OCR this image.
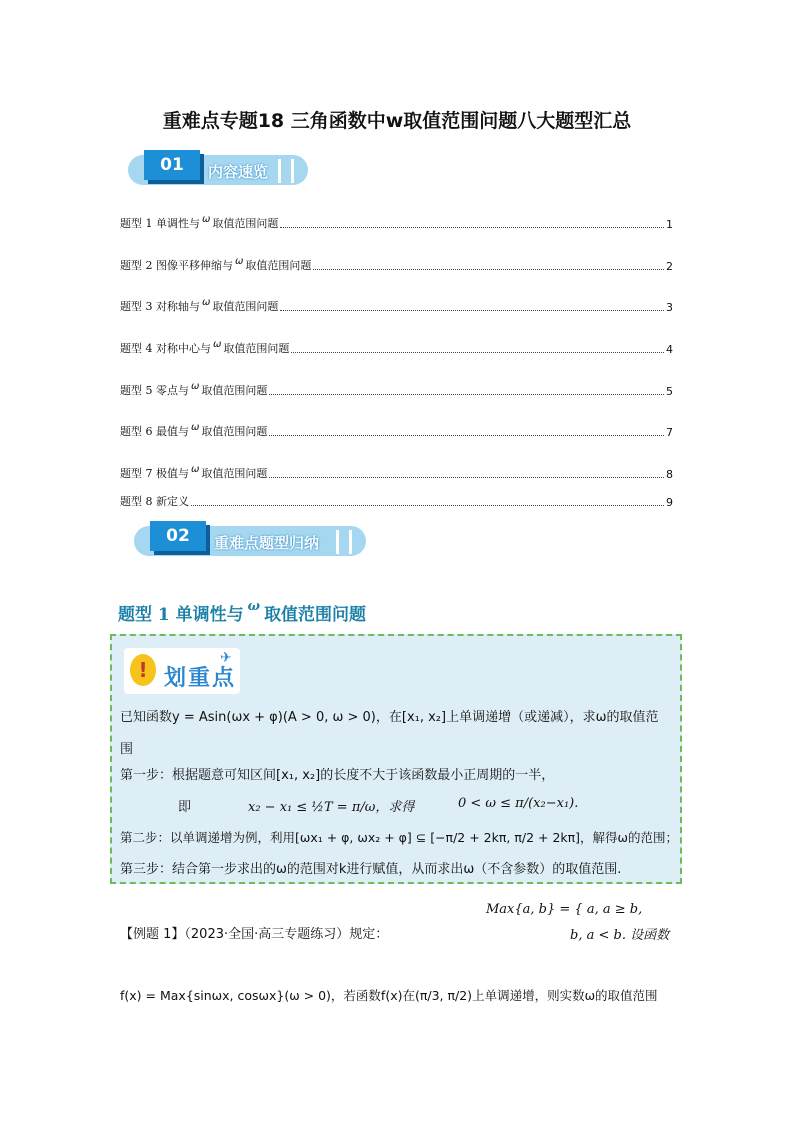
重难点专题18 三角函数中w取值范围问题八大题型汇总
01	内容速览
题型 1 单调性与 ω 取值范围问题	1
题型 2 图像平移伸缩与 ω 取值范围问题	2
题型 3 对称轴与 ω 取值范围问题	3
题型 4 对称中心与 ω 取值范围问题	4
题型 5 零点与 ω 取值范围问题	5
题型 6 最值与 ω 取值范围问题	7
题型 7 极值与 ω 取值范围问题	8
题型 8 新定义	9
02	重难点题型归纳
题型 1 单调性与 $^\omega$ 取值范围问题
! 划重点
✈
已知函数y = Asin(ωx + φ)(A > 0, ω > 0)，在[x₁, x₂]上单调递增（或递减），求ω的取值范
围
第一步：根据题意可知区间[x₁, x₂]的长度不大于该函数最小正周期的一半，
即	x₂ − x₁ ≤ ½T = π/ω，求得	0 < ω ≤ π/(x₂−x₁).
第二步：以单调递增为例，利用[ωx₁ + φ, ωx₂ + φ] ⊆ [−π/2 + 2kπ, π/2 + 2kπ]，解得ω的范围；
第三步：结合第一步求出的ω的范围对k进行赋值，从而求出ω（不含参数）的取值范围.
【例题 1】（2023·全国·高三专题练习）规定：
Max{a, b} = { a, a ≥ b,
b, a < b. 设函数
f(x) = Max{sinωx, cosωx}(ω > 0)，若函数f(x)在(π/3, π/2)上单调递增，则实数ω的取值范围
